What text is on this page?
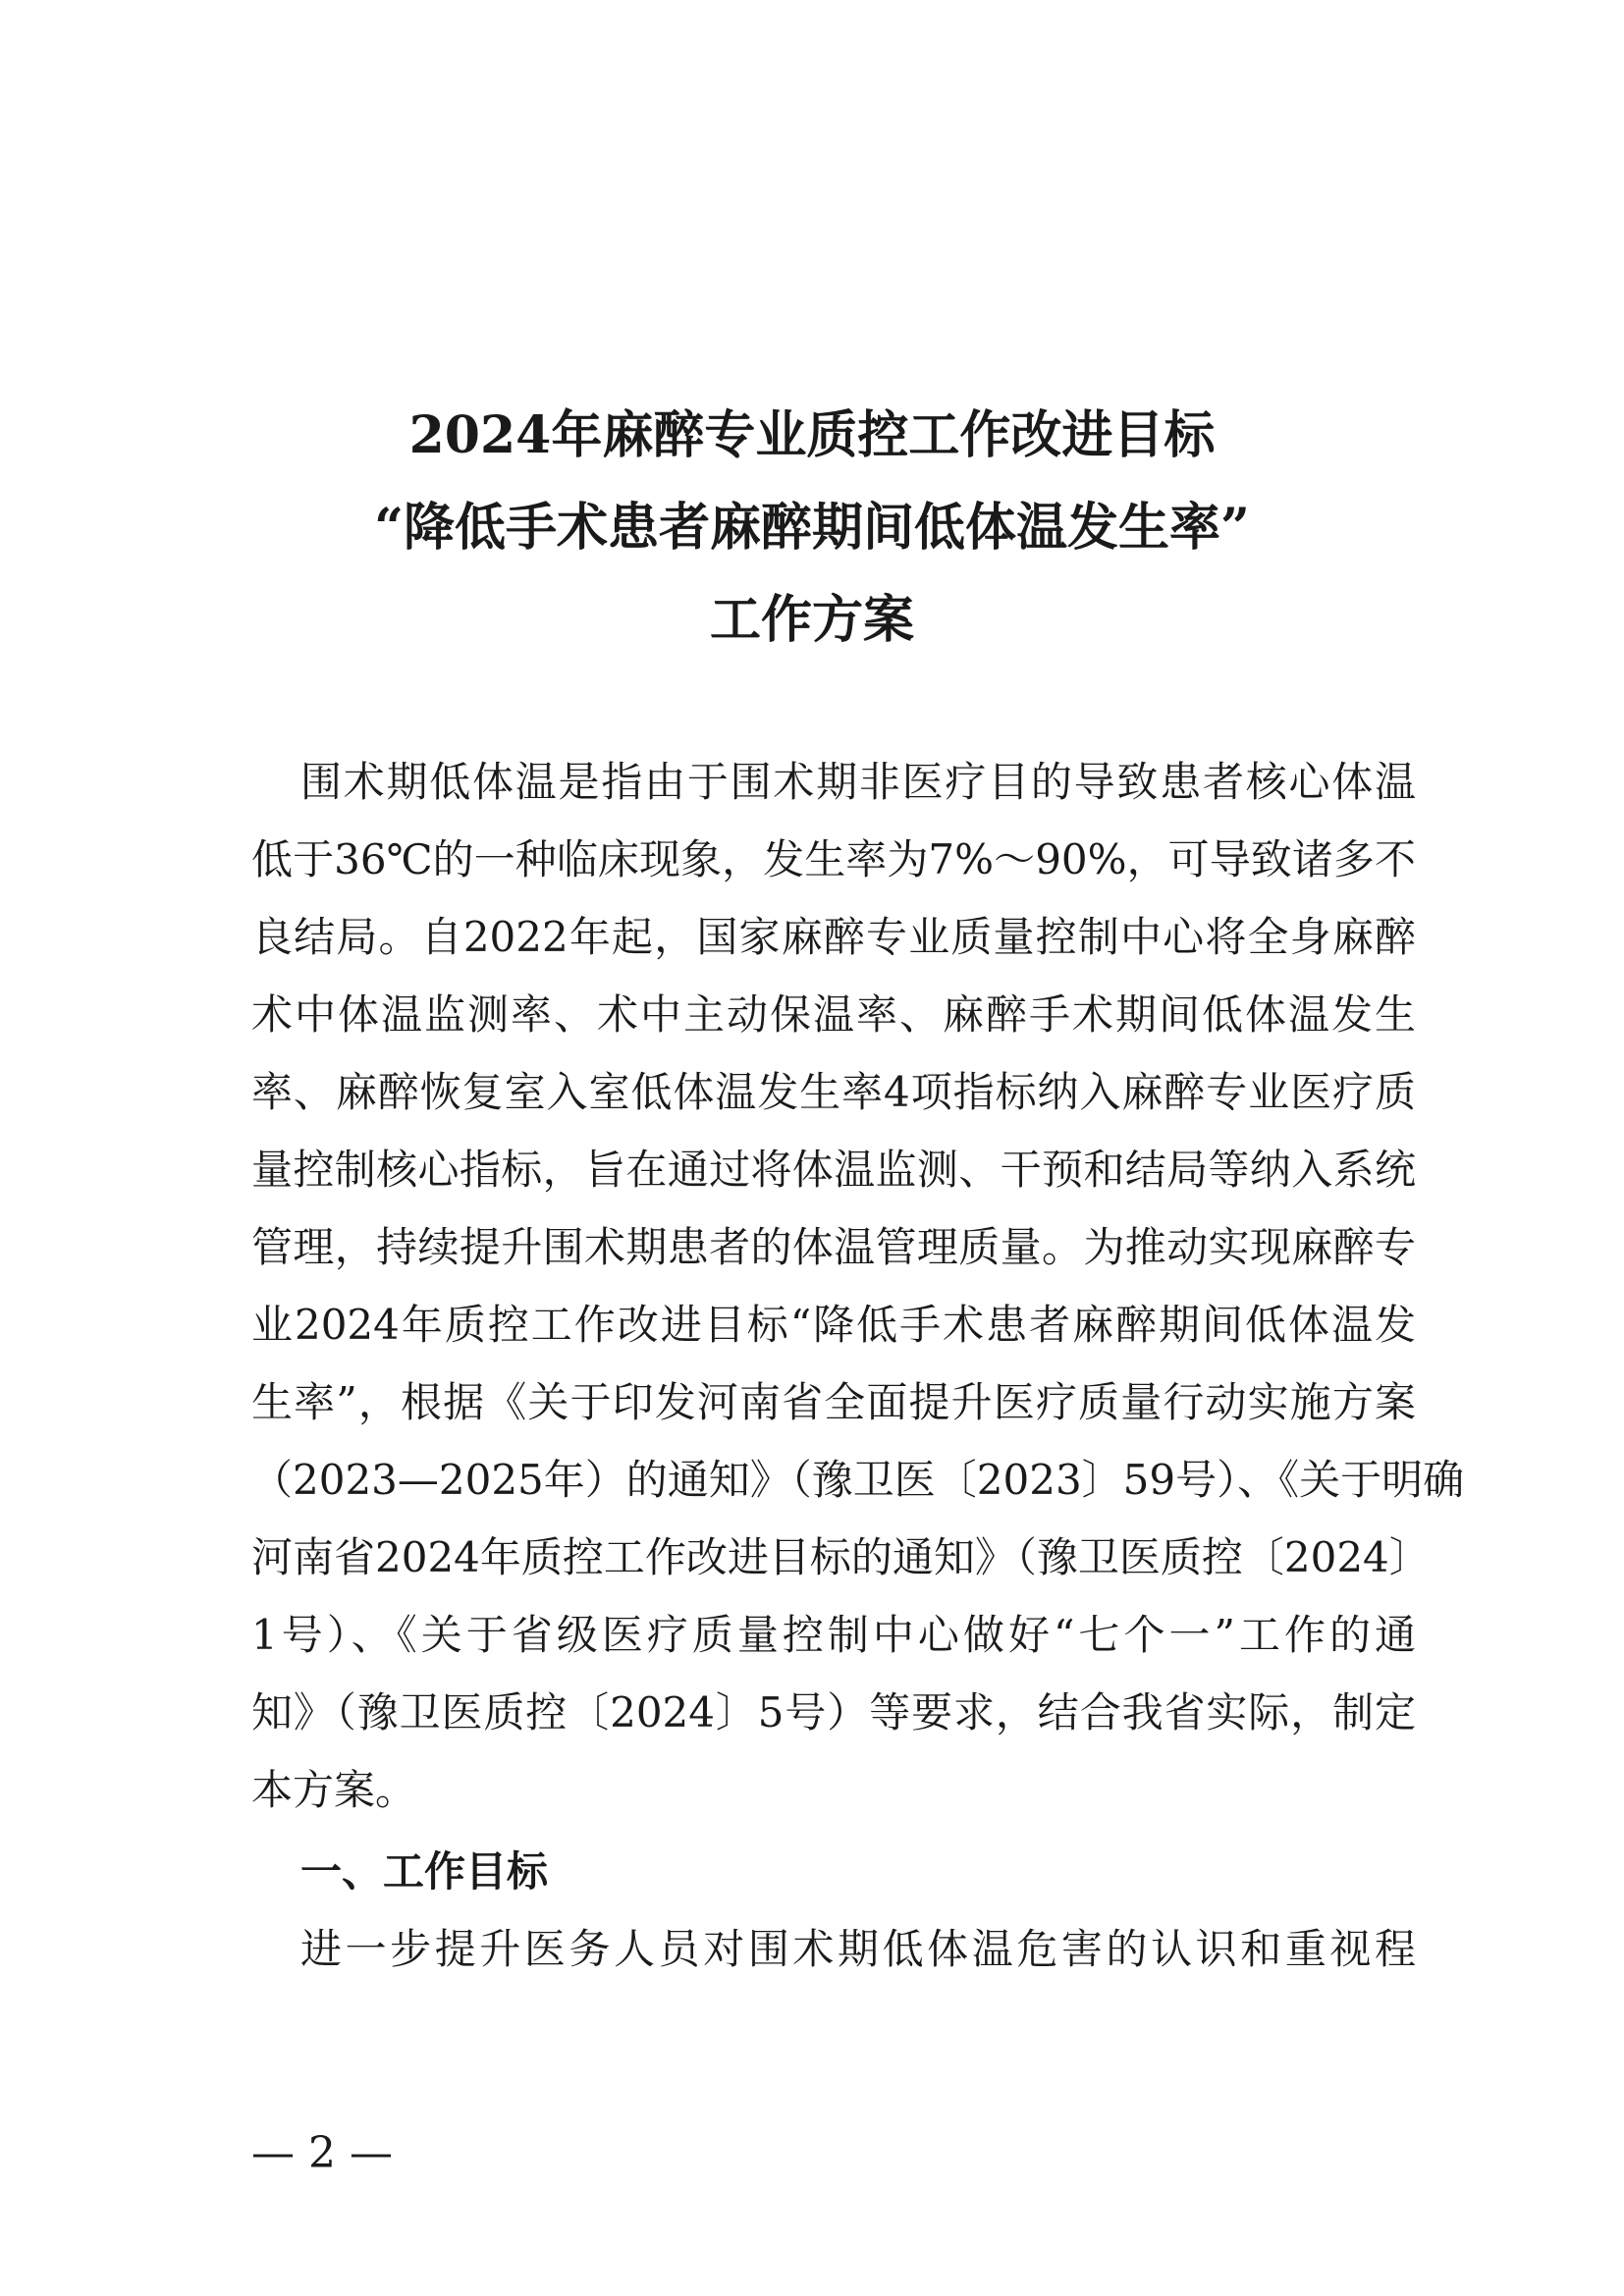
2024年麻醉专业质控工作改进目标
“降低手术患者麻醉期间低体温发生率”
工作方案

围术期低体温是指由于围术期非医疗目的导致患者核心体温

低于36℃的一种临床现象，发生率为7%～90%，可导致诸多不

良结局。自2022年起，国家麻醉专业质量控制中心将全身麻醉

术中体温监测率、术中主动保温率、麻醉手术期间低体温发生

率、麻醉恢复室入室低体温发生率4项指标纳入麻醉专业医疗质

量控制核心指标，旨在通过将体温监测、干预和结局等纳入系统

管理，持续提升围术期患者的体温管理质量。为推动实现麻醉专

业2024年质控工作改进目标“降低手术患者麻醉期间低体温发

生率”，根据《关于印发河南省全面提升医疗质量行动实施方案

（2023—2025年）的通知》（豫卫医〔2023〕59号）、《关于明确

河南省2024年质控工作改进目标的通知》（豫卫医质控〔2024〕

1号）、《关于省级医疗质量控制中心做好“七个一”工作的通

知》（豫卫医质控〔2024〕5号）等要求，结合我省实际，制定

本方案。

一、工作目标

进一步提升医务人员对围术期低体温危害的认识和重视程

— 2 —
